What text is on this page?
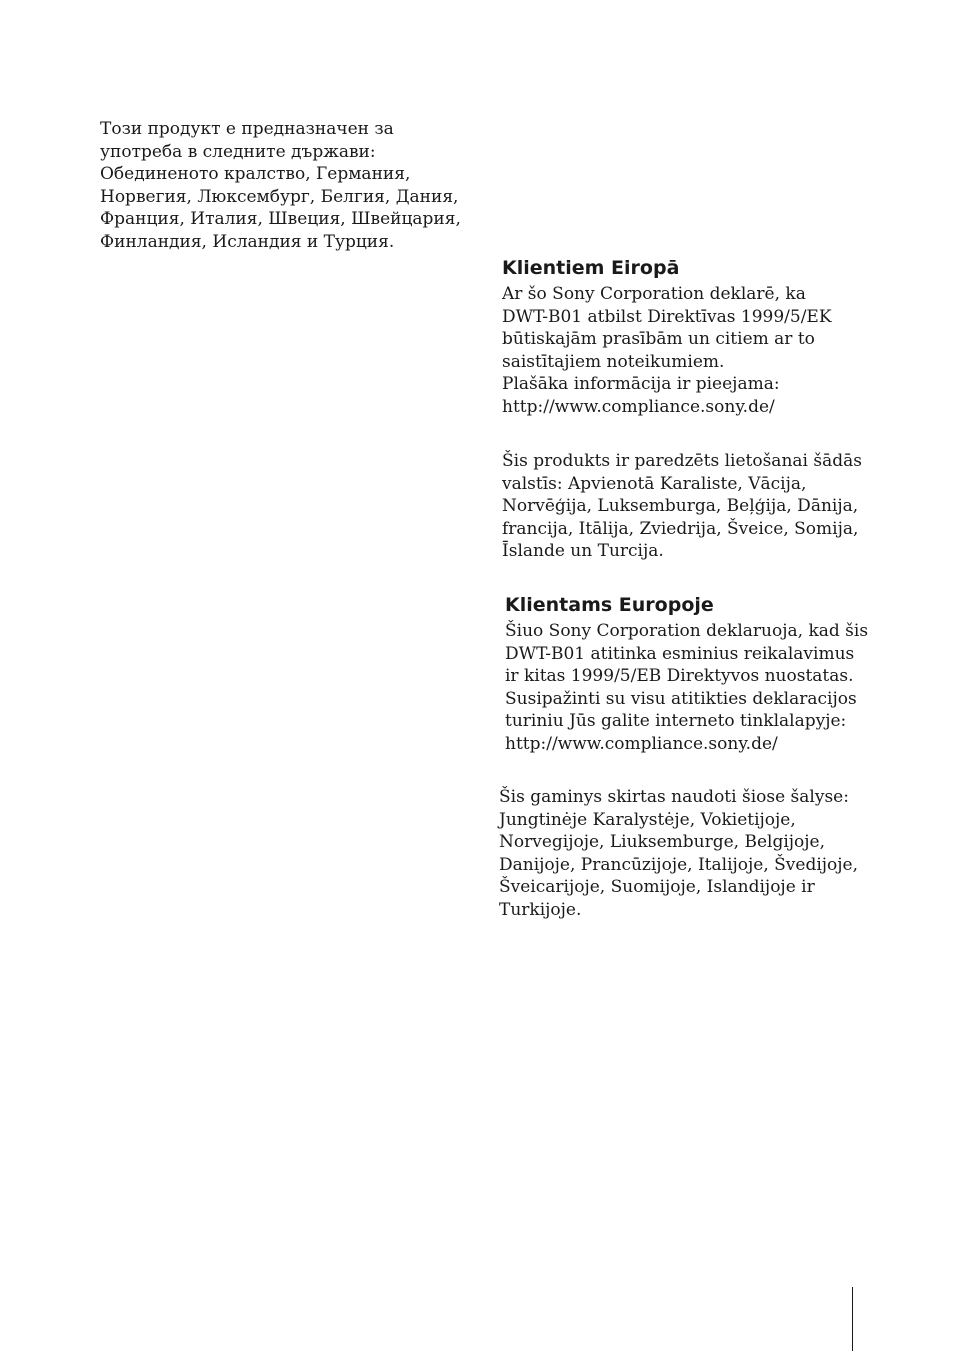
Този продукт е предназначен за
употреба в следните държави:
Обединеното кралство, Германия,
Норвегия, Люксембург, Белгия, Дания,
Франция, Италия, Швеция, Швейцария,
Финландия, Исландия и Турция.

Klientiem Eiropā

Ar šo Sony Corporation deklarē, ka
DWT-B01 atbilst Direktīvas 1999/5/EK
būtiskajām prasībām un citiem ar to
saistītajiem noteikumiem.
Plašāka informācija ir pieejama:
http://www.compliance.sony.de/

Šis produkts ir paredzēts lietošanai šādās
valstīs: Apvienotā Karaliste, Vācija,
Norvēģija, Luksemburga, Beļģija, Dānija,
francija, Itālija, Zviedrija, Šveice, Somija,
Īslande un Turcija.

Klientams Europoje

Šiuo Sony Corporation deklaruoja, kad šis
DWT-B01 atitinka esminius reikalavimus
ir kitas 1999/5/EB Direktyvos nuostatas.
Susipažinti su visu atitikties deklaracijos
turiniu Jūs galite interneto tinklalapyje:
http://www.compliance.sony.de/

Šis gaminys skirtas naudoti šiose šalyse:
Jungtinėje Karalystėje, Vokietijoje,
Norvegijoje, Liuksemburge, Belgijoje,
Danijoje, Prancūzijoje, Italijoje, Švedijoje,
Šveicarijoje, Suomijoje, Islandijoje ir
Turkijoje.
